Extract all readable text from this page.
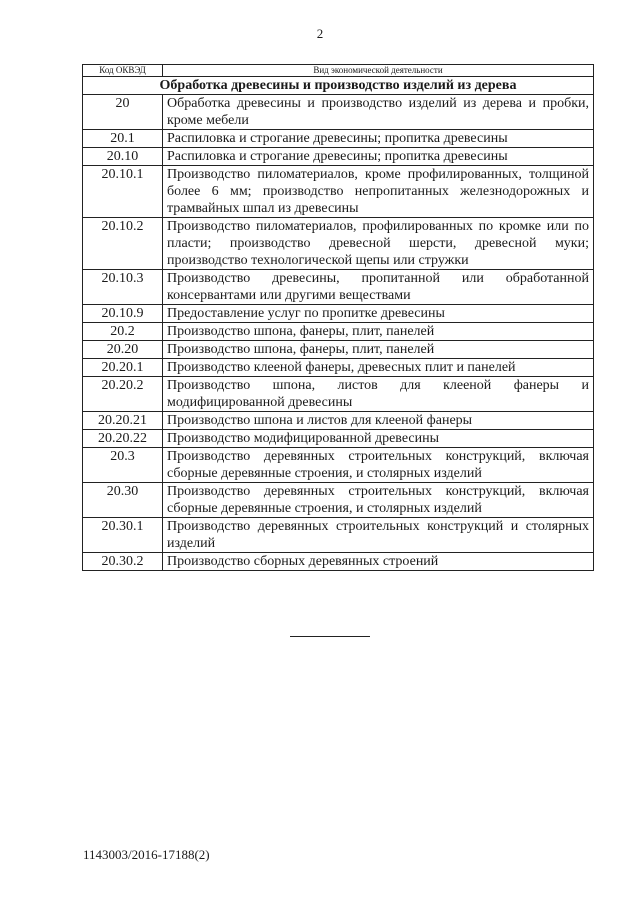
2
Код ОКВЭД	Вид экономической деятельности
Обработка древесины и производство изделий из дерева	
20	Обработка древесины и производство изделий из дерева и пробки, кроме мебели
20.1	Распиловка и строгание древесины; пропитка древесины
20.10	Распиловка и строгание древесины; пропитка древесины
20.10.1	Производство пиломатериалов, кроме профилированных, толщиной более 6 мм; производство непропитанных железнодорожных и трамвайных шпал из древесины
20.10.2	Производство пиломатериалов, профилированных по кромке или по пласти; производство древесной шерсти, древесной муки; производство технологической щепы или стружки
20.10.3	Производство древесины, пропитанной или обработанной консервантами или другими веществами
20.10.9	Предоставление услуг по пропитке древесины
20.2	Производство шпона, фанеры, плит, панелей
20.20	Производство шпона, фанеры, плит, панелей
20.20.1	Производство клееной фанеры, древесных плит и панелей
20.20.2	Производство шпона, листов для клееной фанеры и модифицированной древесины
20.20.21	Производство шпона и листов для клееной фанеры
20.20.22	Производство модифицированной древесины
20.3	Производство деревянных строительных конструкций, включая сборные деревянные строения, и столярных изделий
20.30	Производство деревянных строительных конструкций, включая сборные деревянные строения, и столярных изделий
20.30.1	Производство деревянных строительных конструкций и столярных изделий
20.30.2	Производство сборных деревянных строений
1143003/2016-17188(2)
